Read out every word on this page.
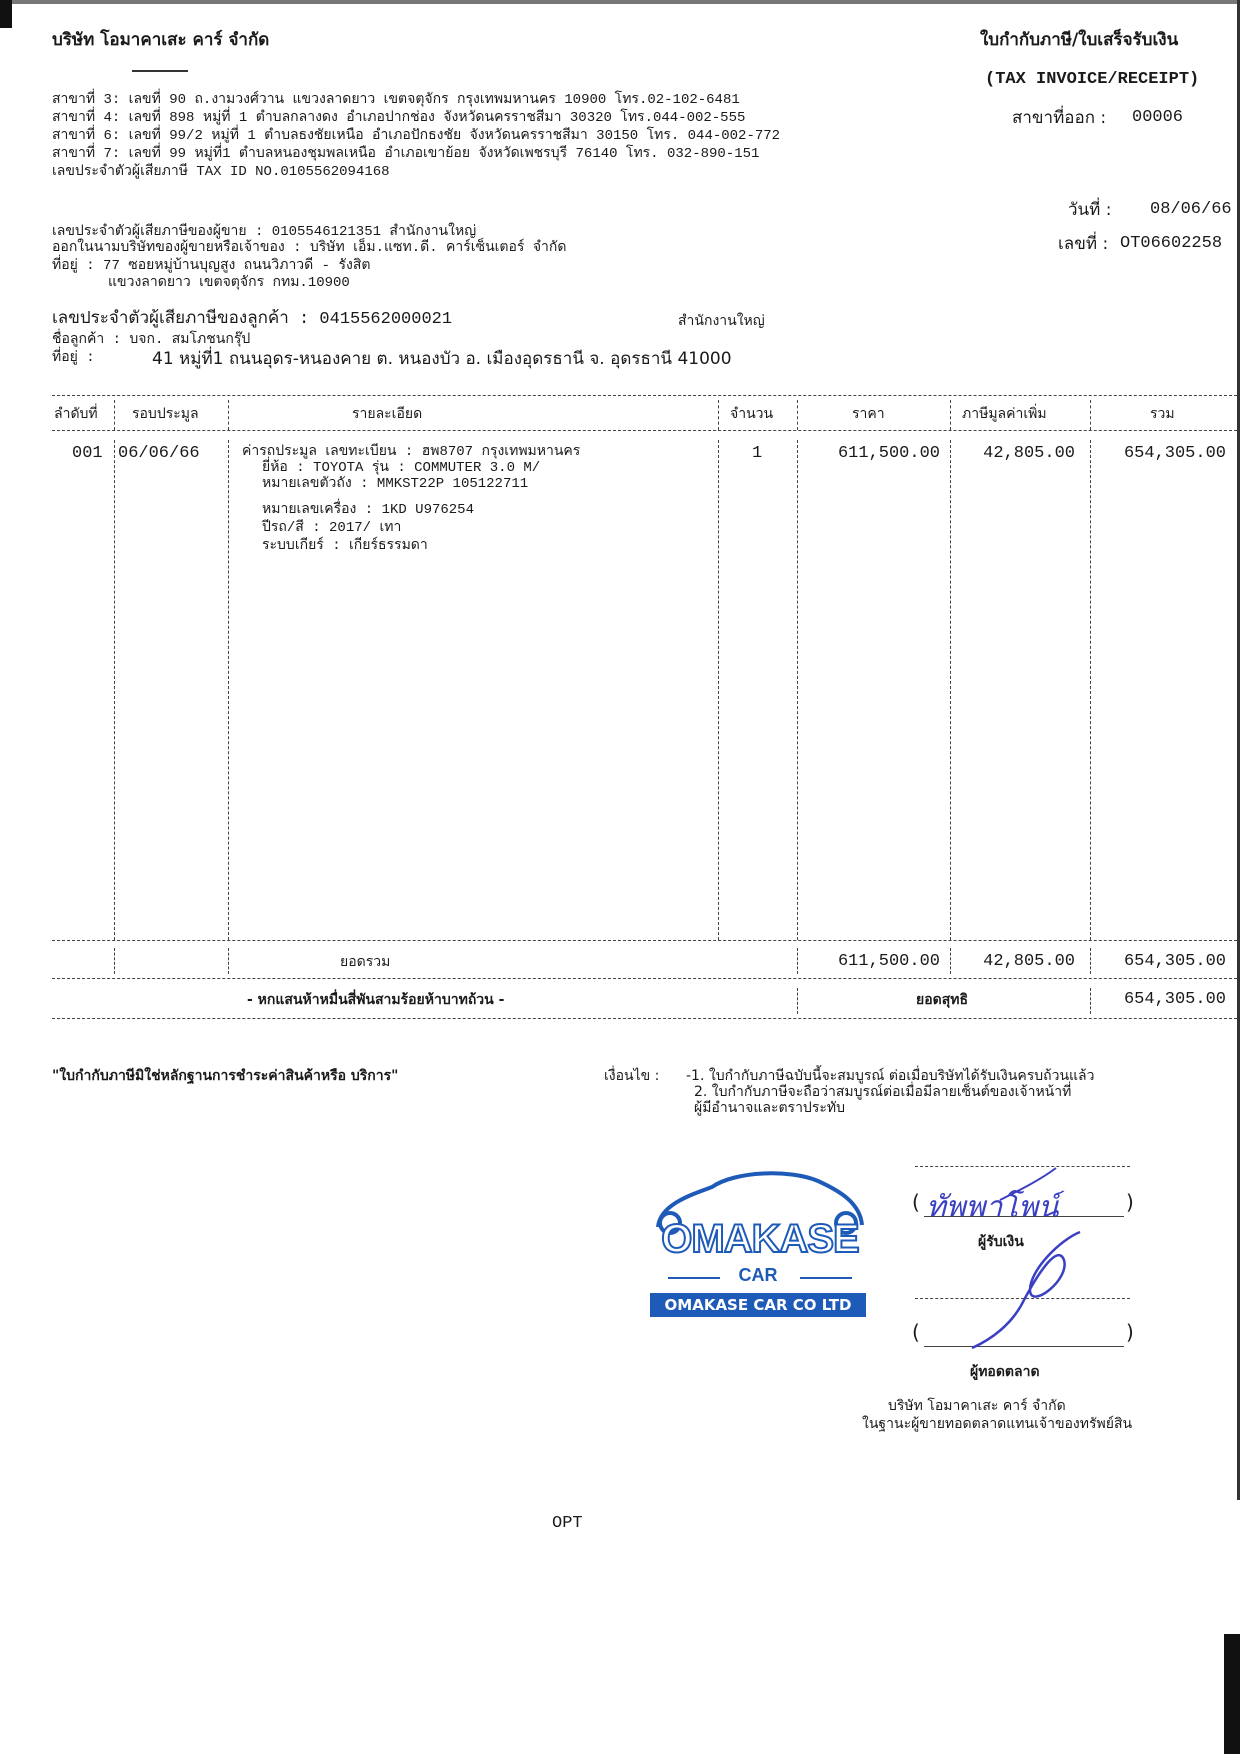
บริษัท โอมาคาเสะ คาร์ จำกัด
สาขาที่ 3: เลขที่ 90 ถ.งามวงศ์วาน แขวงลาดยาว เขตจตุจักร กรุงเทพมหานคร 10900 โทร.02-102-6481
สาขาที่ 4: เลขที่ 898 หมู่ที่ 1 ตำบลกลางดง อำเภอปากช่อง จังหวัดนครราชสีมา 30320 โทร.044-002-555
สาขาที่ 6: เลขที่ 99/2 หมู่ที่ 1 ตำบลธงชัยเหนือ อำเภอปักธงชัย จังหวัดนครราชสีมา 30150 โทร. 044-002-772
สาขาที่ 7: เลขที่ 99 หมู่ที่1 ตำบลหนองชุมพลเหนือ อำเภอเขาย้อย จังหวัดเพชรบุรี 76140 โทร. 032-890-151
เลขประจำตัวผู้เสียภาษี TAX ID NO.0105562094168
ใบกำกับภาษี/ใบเสร็จรับเงิน
(TAX INVOICE/RECEIPT)
สาขาที่ออก : 00006
วันที่ : 08/06/66
เลขที่ : OT06602258
เลขประจำตัวผู้เสียภาษีของผู้ขาย : 0105546121351 สำนักงานใหญ่
ออกในนามบริษัทของผู้ขายหรือเจ้าของ : บริษัท เอ็ม.แซท.ดี. คาร์เซ็นเตอร์ จำกัด
ที่อยู่ : 77 ซอยหมู่บ้านบุญสูง ถนนวิภาวดี - รังสิต
แขวงลาดยาว เขตจตุจักร กทม.10900
เลขประจำตัวผู้เสียภาษีของลูกค้า : 0415562000021	สำนักงานใหญ่
ชื่อลูกค้า : บจก. สมโภชนกรุ๊ป
ที่อยู่ :	41 หมู่ที่1 ถนนอุดร-หนองคาย ต. หนองบัว อ. เมืองอุดรธานี จ. อุดรธานี 41000
ลำดับที่ รอบประมูล	รายละเอียด	จำนวน	ราคา	ภาษีมูลค่าเพิ่ม	รวม
001 06/06/66	ค่ารถประมูล เลขทะเบียน : ฮพ8707 กรุงเทพมหานคร
ยี่ห้อ : TOYOTA รุ่น : COMMUTER 3.0 M/
หมายเลขตัวถัง : MMKST22P 105122711
หมายเลขเครื่อง : 1KD U976254
ปีรถ/สี : 2017/ เทา
ระบบเกียร์ : เกียร์ธรรมดา
1	611,500.00	42,805.00	654,305.00
ยอดรวม	611,500.00	42,805.00	654,305.00
- หกแสนห้าหมื่นสี่พันสามร้อยห้าบาทถ้วน -	ยอดสุทธิ	654,305.00
"ใบกำกับภาษีมิใช่หลักฐานการชำระค่าสินค้าหรือ บริการ"	เงื่อนไข : -1. ใบกำกับภาษีฉบับนี้จะสมบูรณ์ ต่อเมื่อบริษัทได้รับเงินครบถ้วนแล้ว
2. ใบกำกับภาษีจะถือว่าสมบูรณ์ต่อเมื่อมีลายเซ็นต์ของเจ้าหน้าที่
ผู้มีอำนาจและตราประทับ
OMAKASE
CAR
OMAKASE CAR CO LTD
( ทัพพาโพน์	)
ผู้รับเงิน
(	)
ผู้ทอดตลาด
บริษัท โอมาคาเสะ คาร์ จำกัด
ในฐานะผู้ขายทอดตลาดแทนเจ้าของทรัพย์สิน
OPT
